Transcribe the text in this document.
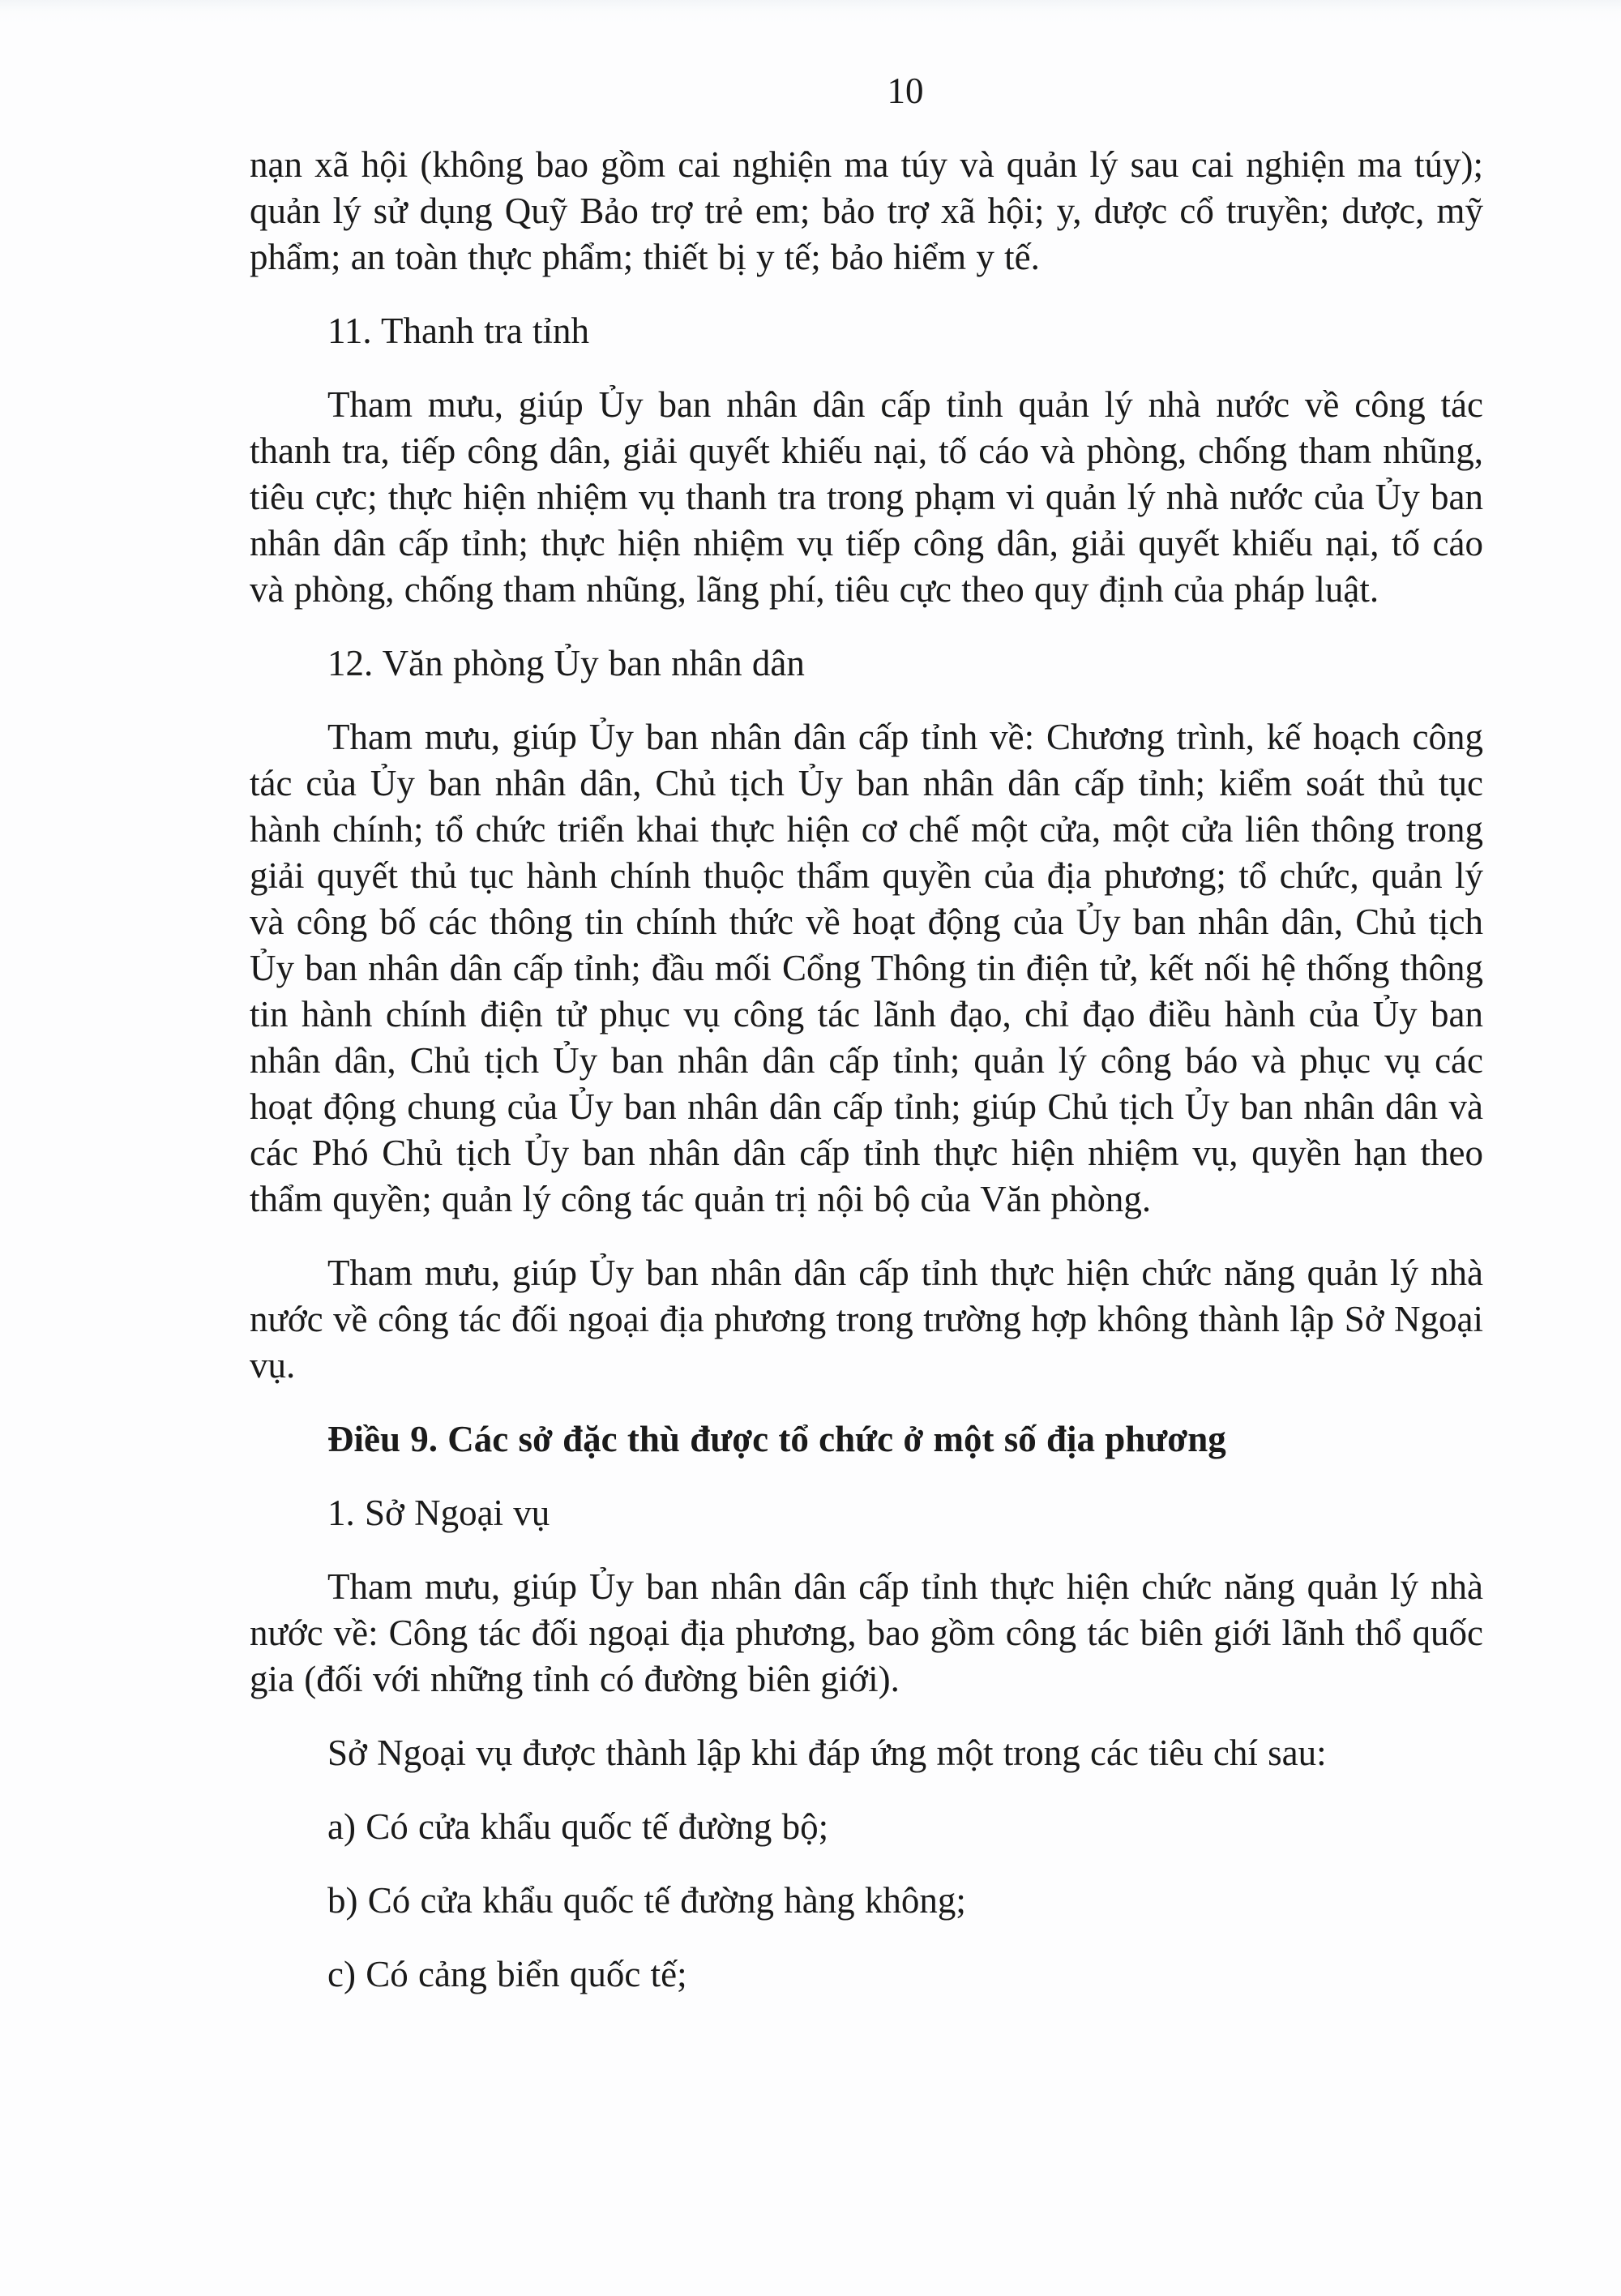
10

nạn xã hội (không bao gồm cai nghiện ma túy và quản lý sau cai nghiện ma túy); quản lý sử dụng Quỹ Bảo trợ trẻ em; bảo trợ xã hội; y, dược cổ truyền; dược, mỹ phẩm; an toàn thực phẩm; thiết bị y tế; bảo hiểm y tế.

11. Thanh tra tỉnh

Tham mưu, giúp Ủy ban nhân dân cấp tỉnh quản lý nhà nước về công tác thanh tra, tiếp công dân, giải quyết khiếu nại, tố cáo và phòng, chống tham nhũng, tiêu cực; thực hiện nhiệm vụ thanh tra trong phạm vi quản lý nhà nước của Ủy ban nhân dân cấp tỉnh; thực hiện nhiệm vụ tiếp công dân, giải quyết khiếu nại, tố cáo và phòng, chống tham nhũng, lãng phí, tiêu cực theo quy định của pháp luật.

12. Văn phòng Ủy ban nhân dân

Tham mưu, giúp Ủy ban nhân dân cấp tỉnh về: Chương trình, kế hoạch công tác của Ủy ban nhân dân, Chủ tịch Ủy ban nhân dân cấp tỉnh; kiểm soát thủ tục hành chính; tổ chức triển khai thực hiện cơ chế một cửa, một cửa liên thông trong giải quyết thủ tục hành chính thuộc thẩm quyền của địa phương; tổ chức, quản lý và công bố các thông tin chính thức về hoạt động của Ủy ban nhân dân, Chủ tịch Ủy ban nhân dân cấp tỉnh; đầu mối Cổng Thông tin điện tử, kết nối hệ thống thông tin hành chính điện tử phục vụ công tác lãnh đạo, chỉ đạo điều hành của Ủy ban nhân dân, Chủ tịch Ủy ban nhân dân cấp tỉnh; quản lý công báo và phục vụ các hoạt động chung của Ủy ban nhân dân cấp tỉnh; giúp Chủ tịch Ủy ban nhân dân và các Phó Chủ tịch Ủy ban nhân dân cấp tỉnh thực hiện nhiệm vụ, quyền hạn theo thẩm quyền; quản lý công tác quản trị nội bộ của Văn phòng.

Tham mưu, giúp Ủy ban nhân dân cấp tỉnh thực hiện chức năng quản lý nhà nước về công tác đối ngoại địa phương trong trường hợp không thành lập Sở Ngoại vụ.

Điều 9. Các sở đặc thù được tổ chức ở một số địa phương

1. Sở Ngoại vụ

Tham mưu, giúp Ủy ban nhân dân cấp tỉnh thực hiện chức năng quản lý nhà nước về: Công tác đối ngoại địa phương, bao gồm công tác biên giới lãnh thổ quốc gia (đối với những tỉnh có đường biên giới).

Sở Ngoại vụ được thành lập khi đáp ứng một trong các tiêu chí sau:

a) Có cửa khẩu quốc tế đường bộ;

b) Có cửa khẩu quốc tế đường hàng không;

c) Có cảng biển quốc tế;
